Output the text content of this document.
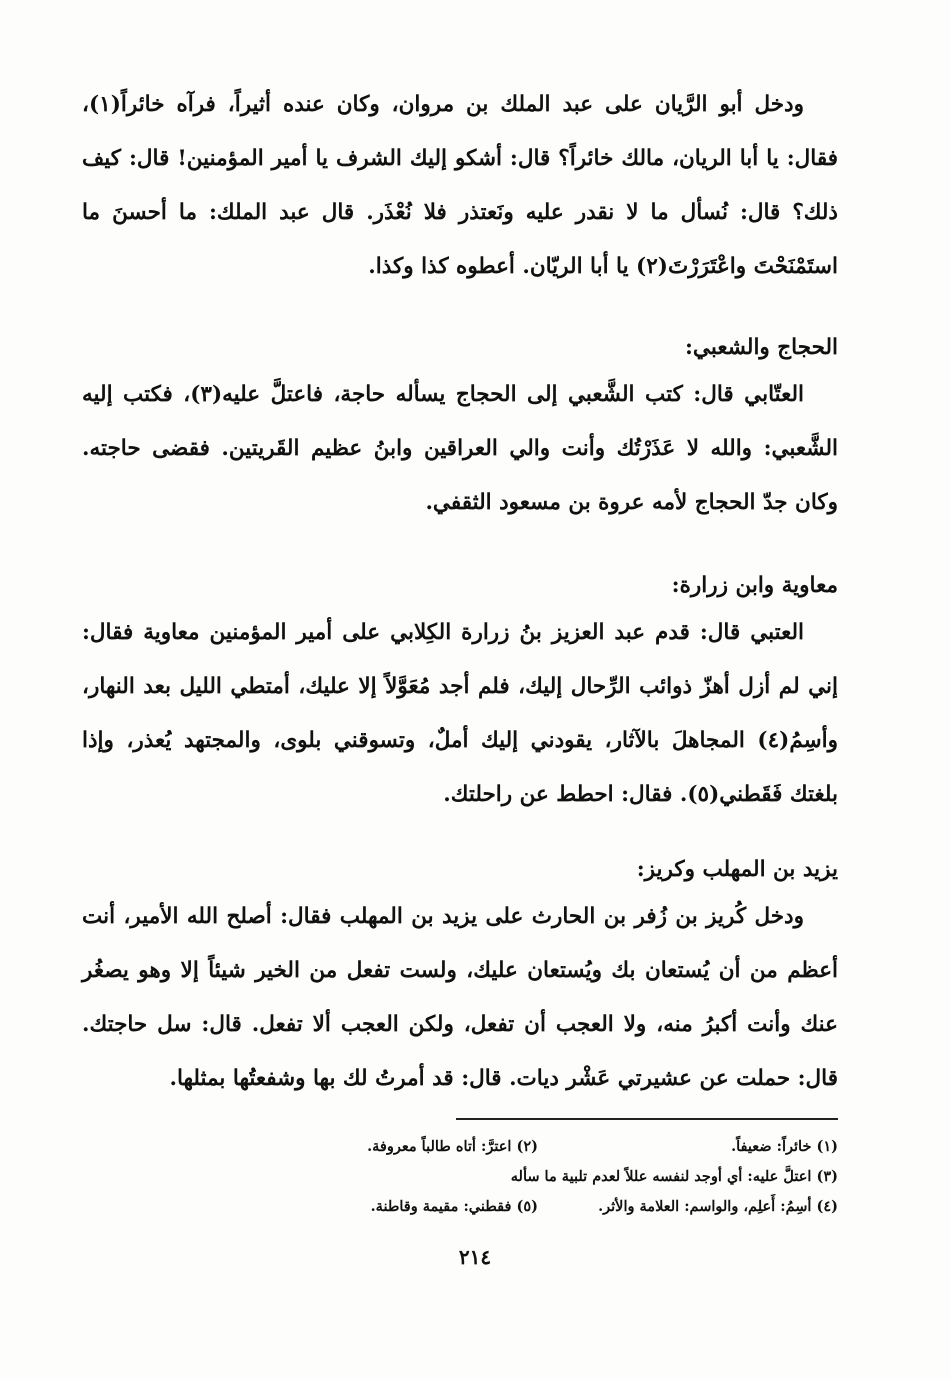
ودخل أبو الرَّيان على عبد الملك بن مروان، وكان عنده أثيراً، فرآه خائراً(١)، فقال: يا أبا الريان، مالك خائراً؟ قال: أشكو إليك الشرف يا أمير المؤمنين! قال: كيف ذلك؟ قال: نُسأل ما لا نقدر عليه ونَعتذر فلا نُعْذَر. قال عبد الملك: ما أحسنَ ما استَمْنَحْتَ واعْتَرَرْتَ(٢) يا أبا الريّان. أعطوه كذا وكذا.

الحجاج والشعبي:

العتّابي قال: كتب الشَّعبي إلى الحجاج يسأله حاجة، فاعتلَّ عليه(٣)، فكتب إليه الشَّعبي: والله لا عَذَرْتُك وأنت والي العراقين وابنُ عظيم القَريتين. فقضى حاجته. وكان جدّ الحجاج لأمه عروة بن مسعود الثقفي.

معاوية وابن زرارة:

العتبي قال: قدم عبد العزيز بنُ زرارة الكِلابي على أمير المؤمنين معاوية فقال: إني لم أزل أهزّ ذوائب الرِّحال إليك، فلم أجد مُعَوَّلاً إلا عليك، أمتطي الليل بعد النهار، وأسِمُ(٤) المجاهلَ بالآثار، يقودني إليك أملٌ، وتسوقني بلوى، والمجتهد يُعذر، وإذا بلغتك فَقَطني(٥). فقال: احطط عن راحلتك.

يزيد بن المهلب وكريز:

ودخل كُريز بن زُفر بن الحارث على يزيد بن المهلب فقال: أصلح الله الأمير، أنت أعظم من أن يُستعان بك ويُستعان عليك، ولست تفعل من الخير شيئاً إلا وهو يصغُر عنك وأنت أكبرُ منه، ولا العجب أن تفعل، ولكن العجب ألا تفعل. قال: سل حاجتك. قال: حملت عن عشيرتي عَشْر ديات. قال: قد أمرتُ لك بها وشفعتُها بمثلها.

(١) خائراً: ضعيفاً.
(٢) اعترَّ: أتاه طالباً معروفة.
(٣) اعتلَّ عليه: أي أوجد لنفسه عللاً لعدم تلبية ما سأله
(٤) أسِمُ: أَعلِم، والواسم: العلامة والأثر.
(٥) فقطني: مقيمة وقاطنة.
٢١٤
